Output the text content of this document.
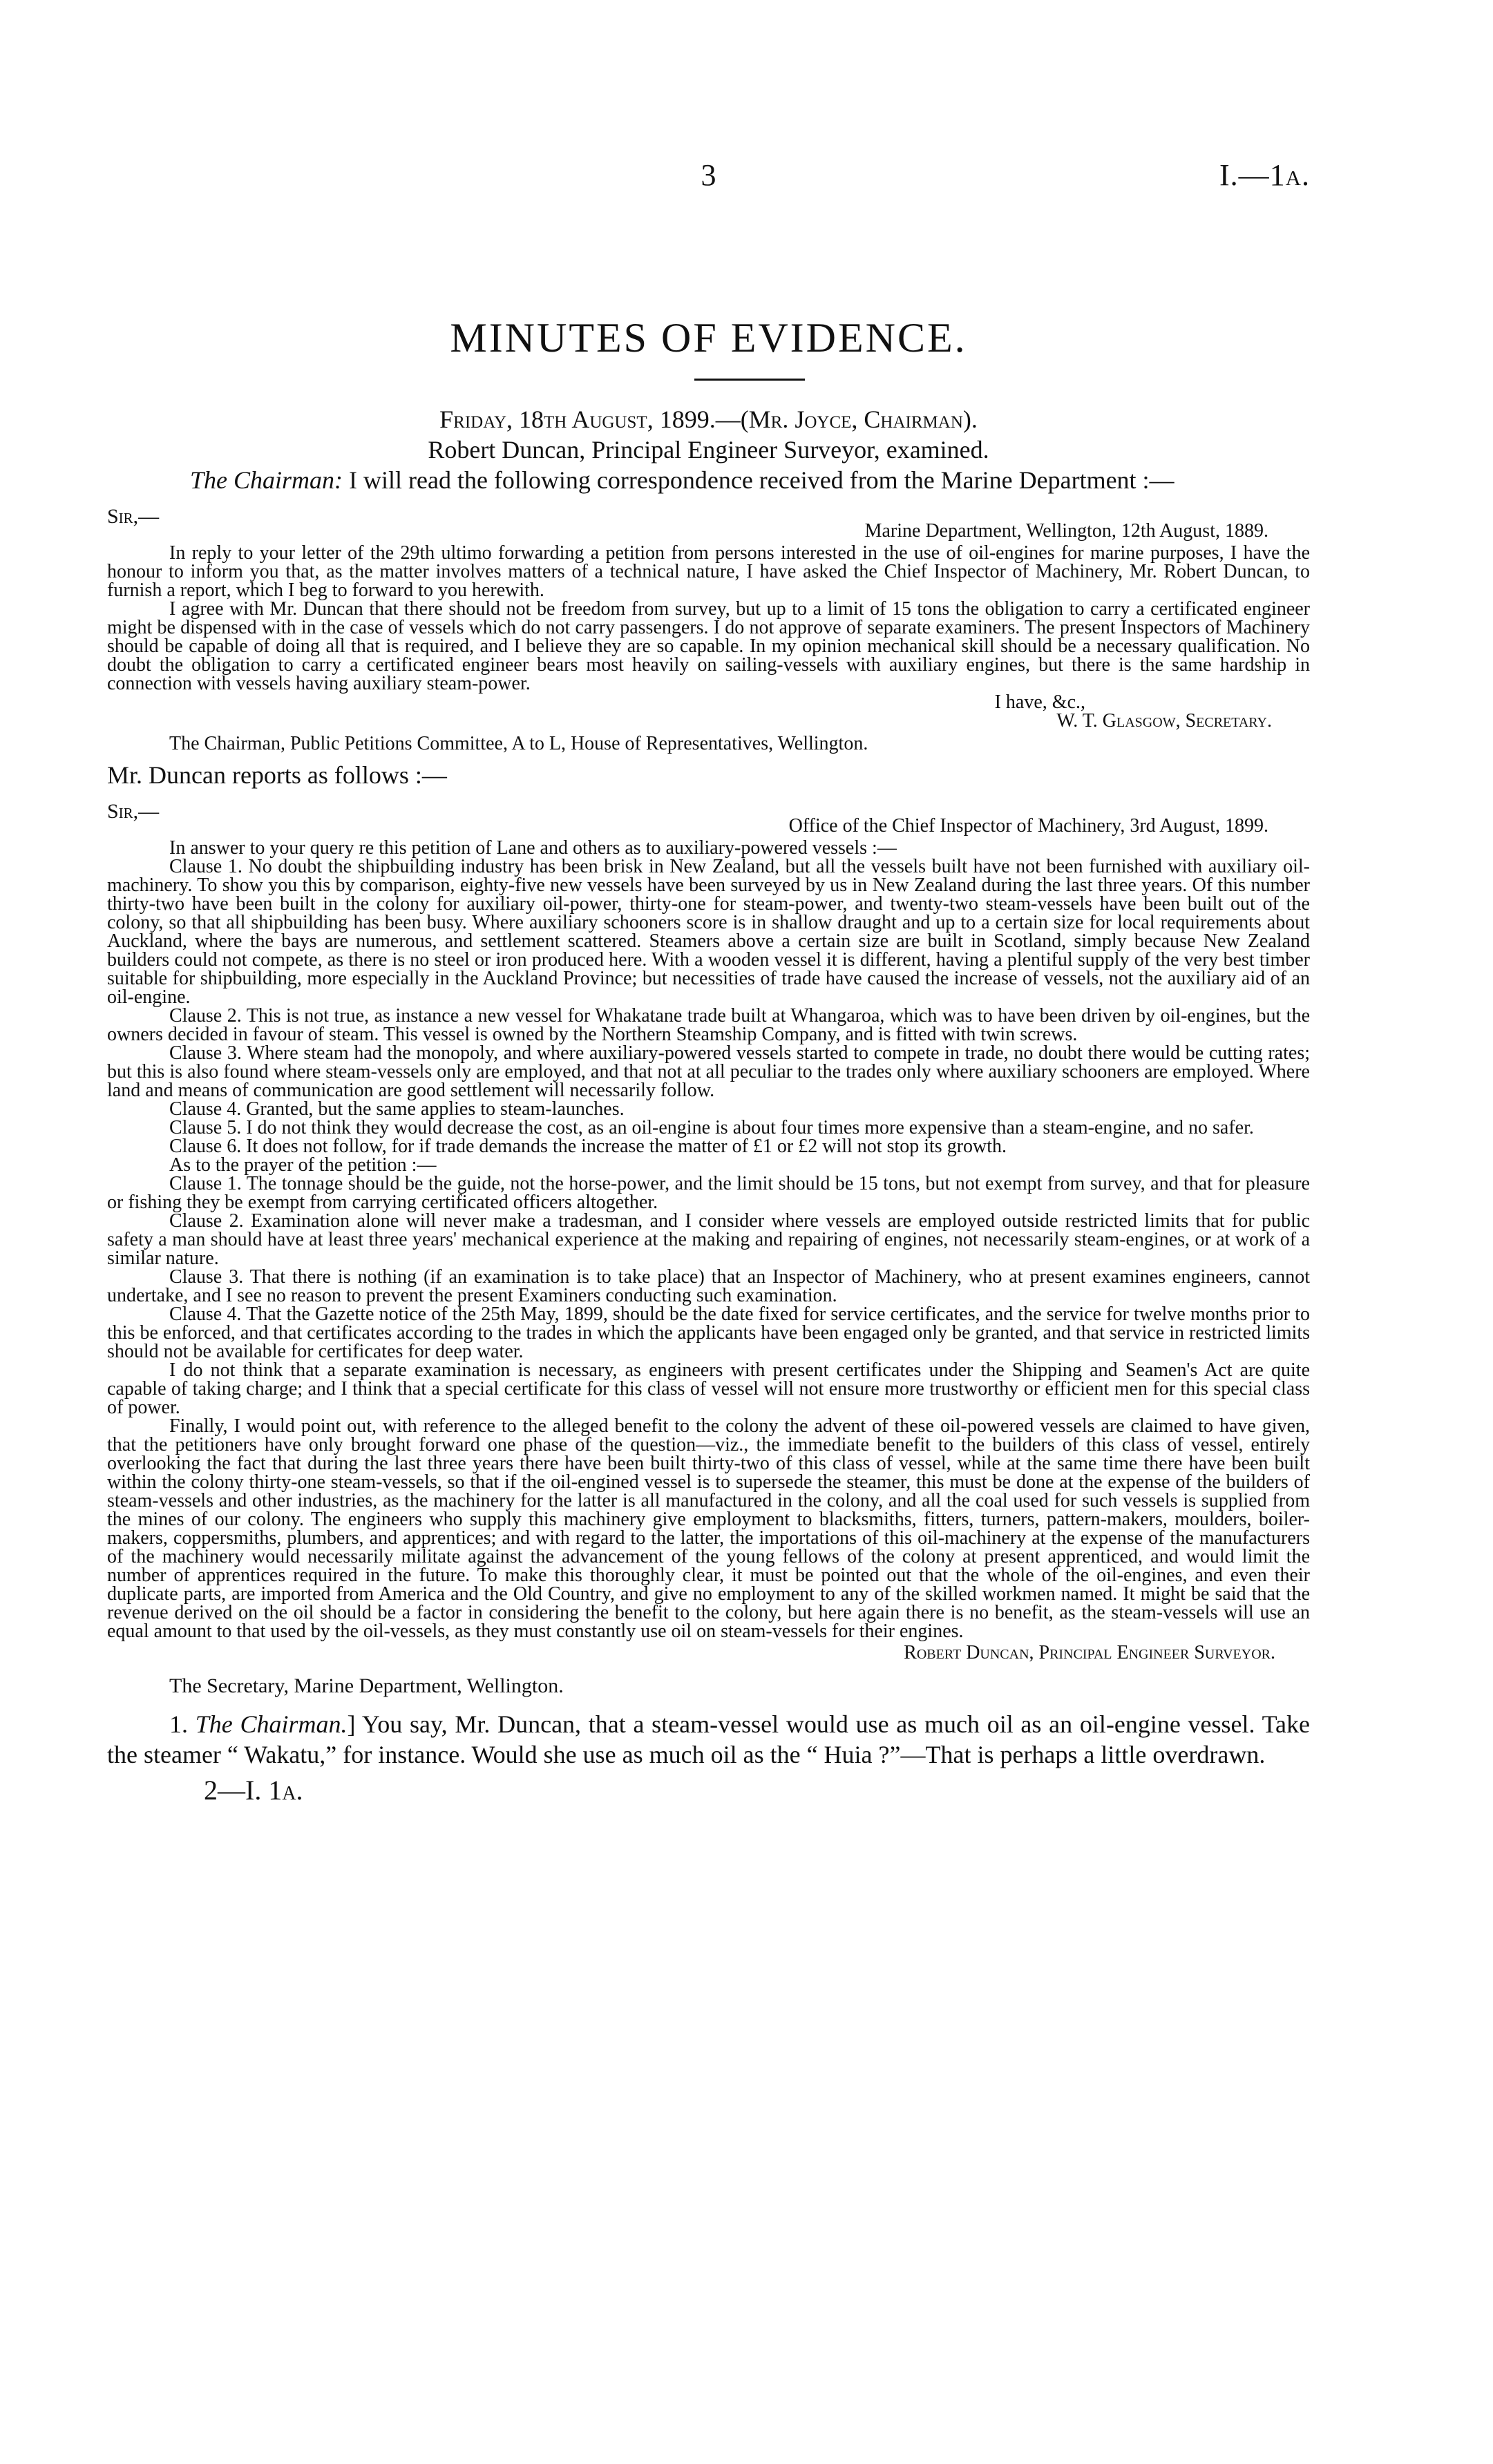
3	I.—1a.
MINUTES OF EVIDENCE.
Friday, 18th August, 1899.—(Mr. Joyce, Chairman).
Robert Duncan, Principal Engineer Surveyor, examined.
The Chairman: I will read the following correspondence received from the Marine Department :—
Sir,—
Marine Department, Wellington, 12th August, 1889.

In reply to your letter of the 29th ultimo forwarding a petition from persons interested in the use of oil-engines for marine purposes, I have the honour to inform you that, as the matter involves matters of a technical nature, I have asked the Chief Inspector of Machinery, Mr. Robert Duncan, to furnish a report, which I beg to forward to you herewith.

I agree with Mr. Duncan that there should not be freedom from survey, but up to a limit of 15 tons the obligation to carry a certificated engineer might be dispensed with in the case of vessels which do not carry passengers. I do not approve of separate examiners. The present Inspectors of Machinery should be capable of doing all that is required, and I believe they are so capable. In my opinion mechanical skill should be a necessary qualification. No doubt the obligation to carry a certificated engineer bears most heavily on sailing-vessels with auxiliary engines, but there is the same hardship in connection with vessels having auxiliary steam-power.

I have, &c.,

W. T. Glasgow, Secretary.

The Chairman, Public Petitions Committee, A to L, House of Representatives, Wellington.

Mr. Duncan reports as follows :—
Sir,—
Office of the Chief Inspector of Machinery, 3rd August, 1899.

In answer to your query re this petition of Lane and others as to auxiliary-powered vessels :—

Clause 1. No doubt the shipbuilding industry has been brisk in New Zealand, but all the vessels built have not been furnished with auxiliary oil-machinery. To show you this by comparison, eighty-five new vessels have been surveyed by us in New Zealand during the last three years. Of this number thirty-two have been built in the colony for auxiliary oil-power, thirty-one for steam-power, and twenty-two steam-vessels have been built out of the colony, so that all shipbuilding has been busy. Where auxiliary schooners score is in shallow draught and up to a certain size for local requirements about Auckland, where the bays are numerous, and settlement scattered. Steamers above a certain size are built in Scotland, simply because New Zealand builders could not compete, as there is no steel or iron produced here. With a wooden vessel it is different, having a plentiful supply of the very best timber suitable for shipbuilding, more especially in the Auckland Province; but necessities of trade have caused the increase of vessels, not the auxiliary aid of an oil-engine.

Clause 2. This is not true, as instance a new vessel for Whakatane trade built at Whangaroa, which was to have been driven by oil-engines, but the owners decided in favour of steam. This vessel is owned by the Northern Steamship Company, and is fitted with twin screws.

Clause 3. Where steam had the monopoly, and where auxiliary-powered vessels started to compete in trade, no doubt there would be cutting rates; but this is also found where steam-vessels only are employed, and that not at all peculiar to the trades only where auxiliary schooners are employed. Where land and means of communication are good settlement will necessarily follow.

Clause 4. Granted, but the same applies to steam-launches.

Clause 5. I do not think they would decrease the cost, as an oil-engine is about four times more expensive than a steam-engine, and no safer.

Clause 6. It does not follow, for if trade demands the increase the matter of £1 or £2 will not stop its growth.

As to the prayer of the petition :—

Clause 1. The tonnage should be the guide, not the horse-power, and the limit should be 15 tons, but not exempt from survey, and that for pleasure or fishing they be exempt from carrying certificated officers altogether.

Clause 2. Examination alone will never make a tradesman, and I consider where vessels are employed outside restricted limits that for public safety a man should have at least three years' mechanical experience at the making and repairing of engines, not necessarily steam-engines, or at work of a similar nature.

Clause 3. That there is nothing (if an examination is to take place) that an Inspector of Machinery, who at present examines engineers, cannot undertake, and I see no reason to prevent the present Examiners conducting such examination.

Clause 4. That the Gazette notice of the 25th May, 1899, should be the date fixed for service certificates, and the service for twelve months prior to this be enforced, and that certificates according to the trades in which the applicants have been engaged only be granted, and that service in restricted limits should not be available for certificates for deep water.

I do not think that a separate examination is necessary, as engineers with present certificates under the Shipping and Seamen's Act are quite capable of taking charge; and I think that a special certificate for this class of vessel will not ensure more trustworthy or efficient men for this special class of power.

Finally, I would point out, with reference to the alleged benefit to the colony the advent of these oil-powered vessels are claimed to have given, that the petitioners have only brought forward one phase of the question—viz., the immediate benefit to the builders of this class of vessel, entirely overlooking the fact that during the last three years there have been built thirty-two of this class of vessel, while at the same time there have been built within the colony thirty-one steam-vessels, so that if the oil-engined vessel is to supersede the steamer, this must be done at the expense of the builders of steam-vessels and other industries, as the machinery for the latter is all manufactured in the colony, and all the coal used for such vessels is supplied from the mines of our colony. The engineers who supply this machinery give employment to blacksmiths, fitters, turners, pattern-makers, moulders, boiler-makers, coppersmiths, plumbers, and apprentices; and with regard to the latter, the importations of this oil-machinery at the expense of the manufacturers of the machinery would necessarily militate against the advancement of the young fellows of the colony at present apprenticed, and would limit the number of apprentices required in the future. To make this thoroughly clear, it must be pointed out that the whole of the oil-engines, and even their duplicate parts, are imported from America and the Old Country, and give no employment to any of the skilled workmen named. It might be said that the revenue derived on the oil should be a factor in considering the benefit to the colony, but here again there is no benefit, as the steam-vessels will use an equal amount to that used by the oil-vessels, as they must constantly use oil on steam-vessels for their engines.

Robert Duncan, Principal Engineer Surveyor.

The Secretary, Marine Department, Wellington.
1. The Chairman.] You say, Mr. Duncan, that a steam-vessel would use as much oil as an oil-engine vessel. Take the steamer “ Wakatu,” for instance. Would she use as much oil as the “ Huia ?”—That is perhaps a little overdrawn.
2—I. 1a.
